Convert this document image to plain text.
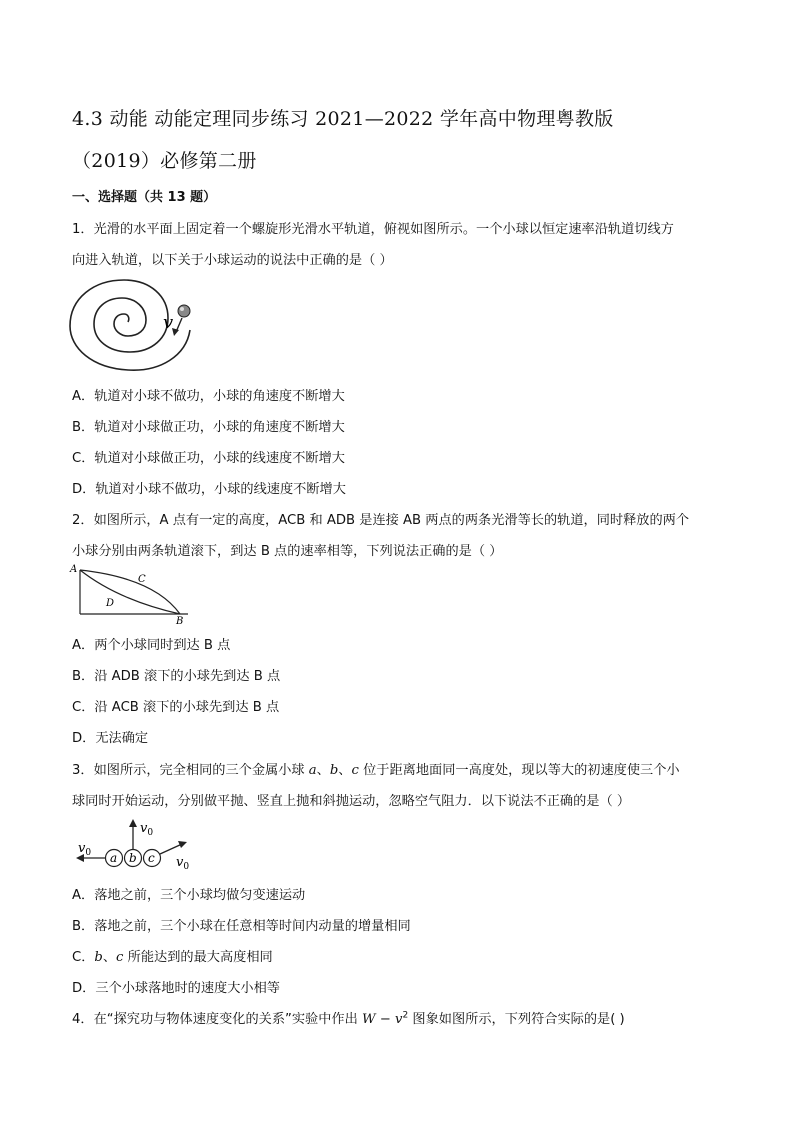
4.3 动能 动能定理同步练习 2021—2022 学年高中物理粤教版
（2019）必修第二册
一、选择题（共 13 题）
1．光滑的水平面上固定着一个螺旋形光滑水平轨道，俯视如图所示。一个小球以恒定速率沿轨道切线方
向进入轨道，以下关于小球运动的说法中正确的是（ ）
v
A．轨道对小球不做功，小球的角速度不断增大
B．轨道对小球做正功，小球的角速度不断增大
C．轨道对小球做正功，小球的线速度不断增大
D．轨道对小球不做功，小球的线速度不断增大
2．如图所示，A 点有一定的高度，ACB 和 ADB 是连接 AB 两点的两条光滑等长的轨道，同时释放的两个
小球分别由两条轨道滚下，到达 B 点的速率相等，下列说法正确的是（ ）
A
B
C
D
A．两个小球同时到达 B 点
B．沿 ADB 滚下的小球先到达 B 点
C．沿 ACB 滚下的小球先到达 B 点
D．无法确定
3．如图所示，完全相同的三个金属小球 a、b、c 位于距离地面同一高度处，现以等大的初速度使三个小
球同时开始运动，分别做平抛、竖直上抛和斜抛运动，忽略空气阻力．以下说法不正确的是（ ）
a b c
$v_0$
$v_0$
$v_0$
A．落地之前，三个小球均做匀变速运动
B．落地之前，三个小球在任意相等时间内动量的增量相同
C．b、c 所能达到的最大高度相同
D．三个小球落地时的速度大小相等
4．在“探究功与物体速度变化的关系”实验中作出 $W - v^2$ 图象如图所示，下列符合实际的是( )
